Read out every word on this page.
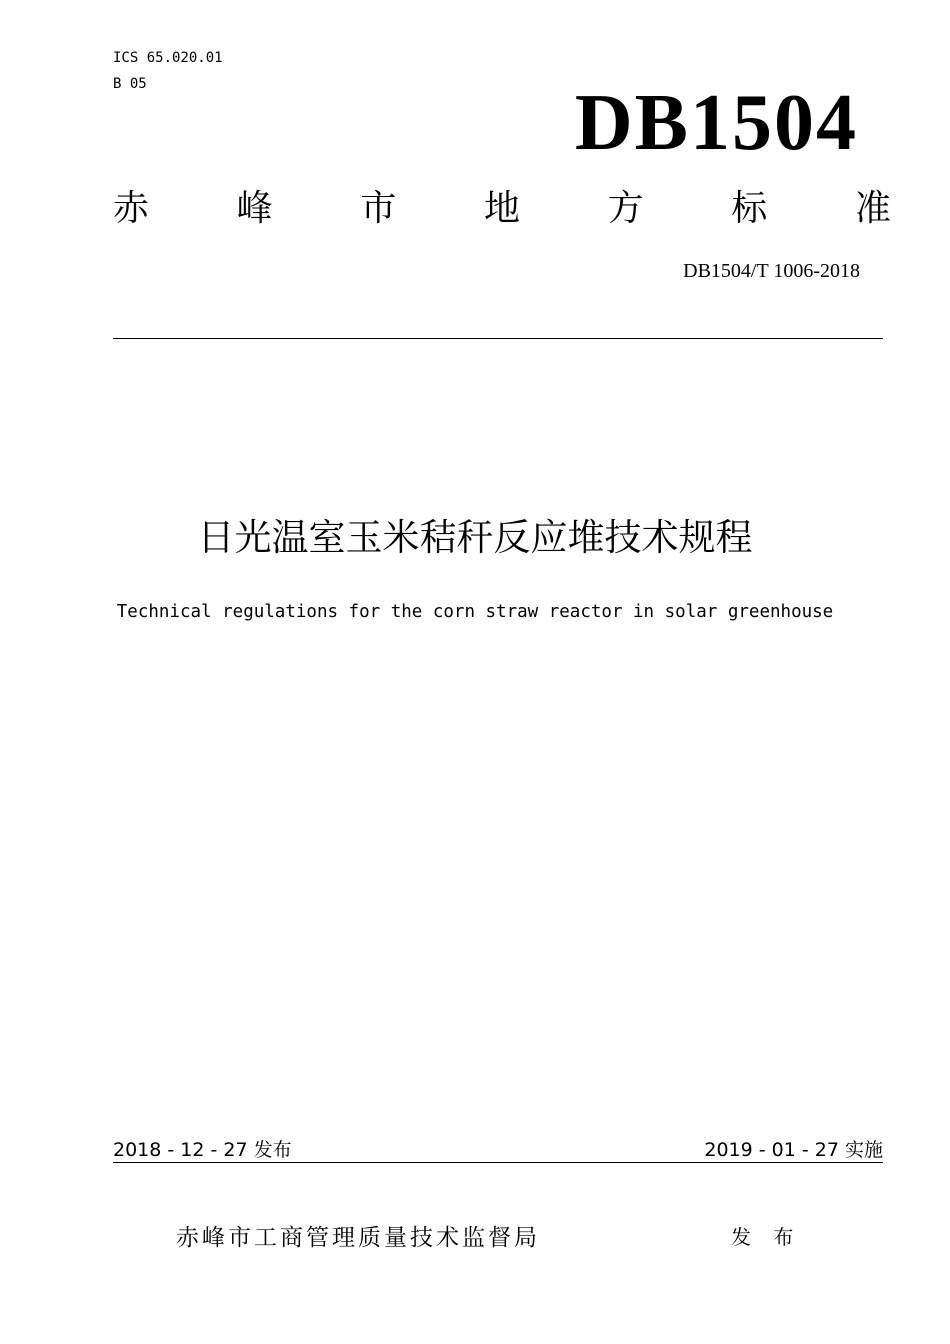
ICS 65.020.01
B 05	DB1504
赤 峰 市 地 方 标 准
DB1504/T 1006-2018
日光温室玉米秸秆反应堆技术规程
Technical regulations for the corn straw reactor in solar greenhouse
2018 - 12 - 27 发布	2019 - 01 - 27 实施
赤峰市工商管理质量技术监督局	发 布
